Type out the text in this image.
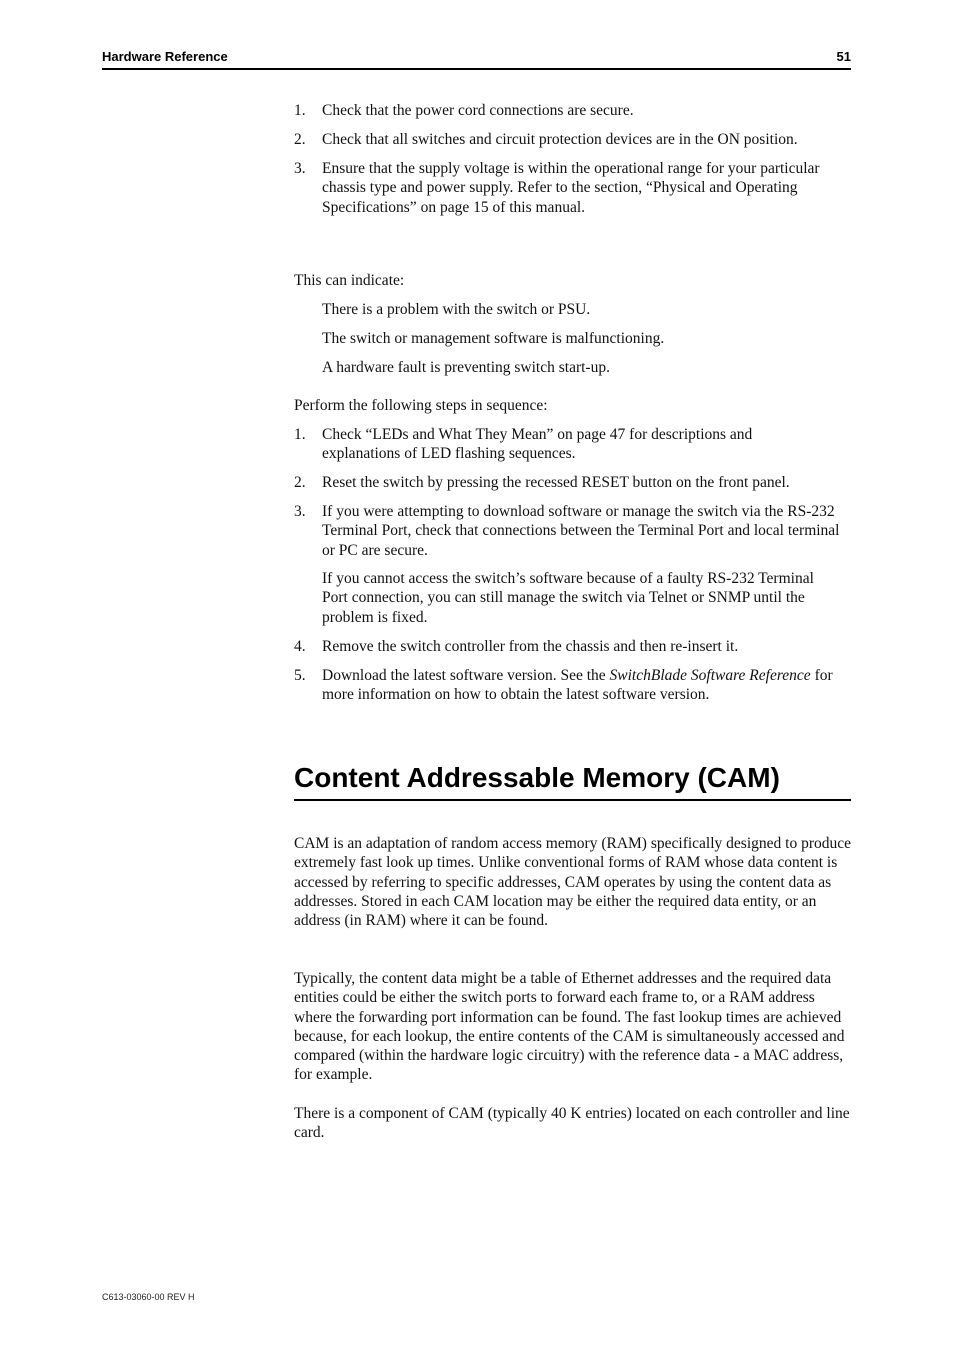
Hardware Reference	51
1.	Check that the power cord connections are secure.
2.	Check that all switches and circuit protection devices are in the ON position.
3.	Ensure that the supply voltage is within the operational range for your particular chassis type and power supply. Refer to the section, “Physical and Operating Specifications” on page 15 of this manual.
This can indicate:
There is a problem with the switch or PSU.
The switch or management software is malfunctioning.
A hardware fault is preventing switch start-up.
Perform the following steps in sequence:
1.	Check “LEDs and What They Mean” on page 47 for descriptions and explanations of LED flashing sequences.
2.	Reset the switch by pressing the recessed RESET button on the front panel.
3.	If you were attempting to download software or manage the switch via the RS-232 Terminal Port, check that connections between the Terminal Port and local terminal or PC are secure.
If you cannot access the switch’s software because of a faulty RS-232 Terminal Port connection, you can still manage the switch via Telnet or SNMP until the problem is fixed.
4.	Remove the switch controller from the chassis and then re-insert it.
5.	Download the latest software version. See the SwitchBlade Software Reference for more information on how to obtain the latest software version.
Content Addressable Memory (CAM)
CAM is an adaptation of random access memory (RAM) specifically designed to produce extremely fast look up times. Unlike conventional forms of RAM whose data content is accessed by referring to specific addresses, CAM operates by using the content data as addresses. Stored in each CAM location may be either the required data entity, or an address (in RAM) where it can be found.
Typically, the content data might be a table of Ethernet addresses and the required data entities could be either the switch ports to forward each frame to, or a RAM address where the forwarding port information can be found. The fast lookup times are achieved because, for each lookup, the entire contents of the CAM is simultaneously accessed and compared (within the hardware logic circuitry) with the reference data - a MAC address, for example.
There is a component of CAM (typically 40 K entries) located on each controller and line card.
C613-03060-00 REV H
